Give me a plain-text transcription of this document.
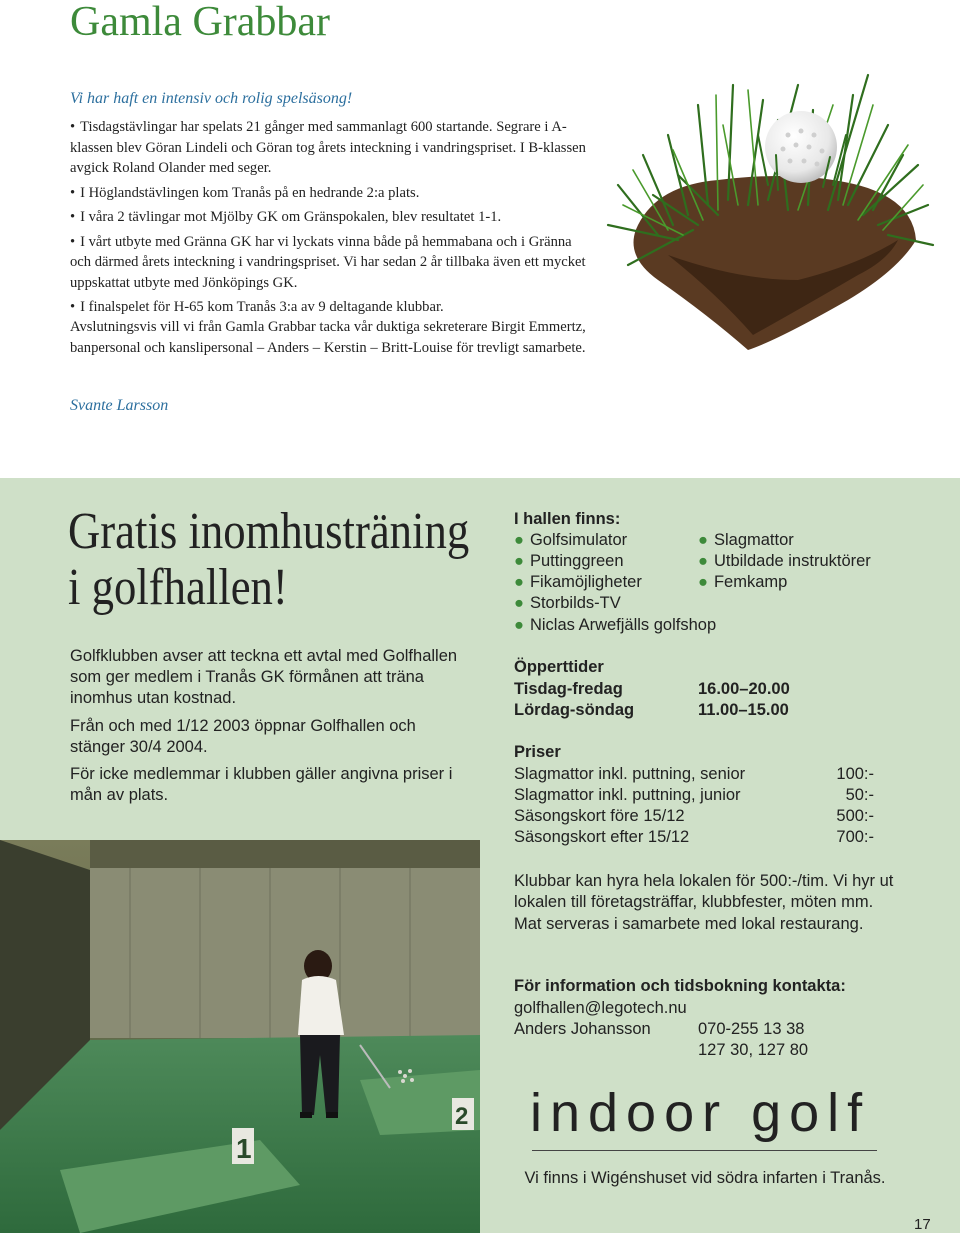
Gamla Grabbar
Vi har haft en intensiv och rolig spelsäsong!

• Tisdagstävlingar har spelats 21 gånger med sammanlagt 600 startande. Segrare i A-klassen blev Göran Lindeli och Göran tog årets inteckning i vandringspriset. I B-klassen avgick Roland Olander med seger.

• I Höglandstävlingen kom Tranås på en hedrande 2:a plats.

• I våra 2 tävlingar mot Mjölby GK om Gränspokalen, blev resultatet 1-1.

• I vårt utbyte med Gränna GK har vi lyckats vinna både på hemmabana och i Gränna och därmed årets inteckning i vandringspriset. Vi har sedan 2 år tillbaka även ett mycket uppskattat utbyte med Jönköpings GK.

• I finalspelet för H-65 kom Tranås 3:a av 9 deltagande klubbar.

Avslutningsvis vill vi från Gamla Grabbar tacka vår duktiga sekreterare Birgit Emmertz, banpersonal och kanslipersonal – Anders – Kerstin – Britt-Louise för trevligt samarbete.

Svante Larsson
Gratis inomhusträning
i golfhallen!

Golfklubben avser att teckna ett avtal med Golfhallen som ger medlem i Tranås GK förmånen att träna inomhus utan kostnad.

Från och med 1/12 2003 öppnar Golfhallen och stänger 30/4 2004.

För icke medlemmar i klubben gäller angivna priser i mån av plats.

1
2

I hallen finns:

● Golfsimulator
● Puttinggreen
● Fikamöjligheter
● Storbilds-TV
● Niclas Arwefjälls golfshop
● Slagmattor
● Utbildade instruktörer
● Femkamp

Öpperttider

Tisdag-fredag	16.00–20.00
Lördag-söndag	11.00–15.00

Priser

Slagmattor inkl. puttning, senior	100:-
Slagmattor inkl. puttning, junior	50:-
Säsongskort före 15/12	500:-
Säsongskort efter 15/12	700:-

Klubbar kan hyra hela lokalen för 500:-/tim. Vi hyr ut lokalen till företagsträffar, klubbfester, möten mm. Mat serveras i samarbete med lokal restaurang.

För information och tidsbokning kontakta:

golfhallen@legotech.nu
Anders Johansson	070-255 13 38
127 30, 127 80
indoor golf

Vi finns i Wigénshuset vid södra infarten i Tranås.

17
